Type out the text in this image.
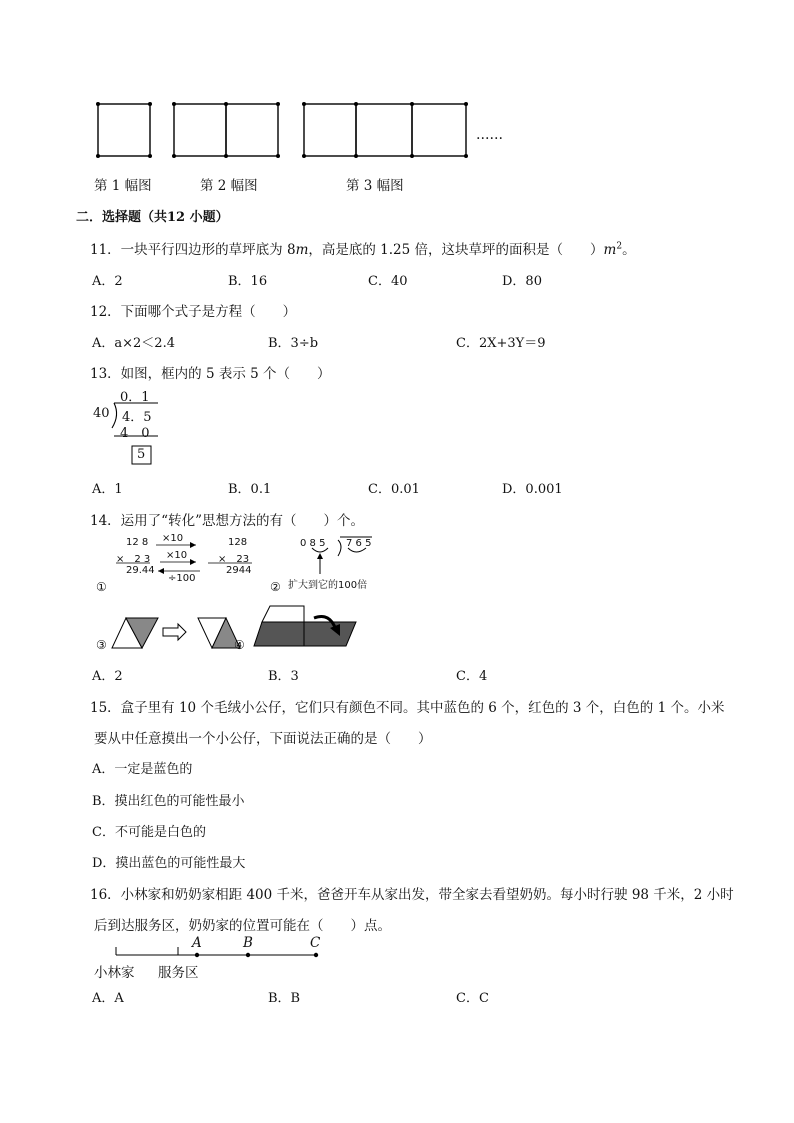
……
第 1 幅图	第 2 幅图	第 3 幅图
二．选择题（共12 小题）
11．一块平行四边形的草坪底为 8m，高是底的 1.25 倍，这块草坪的面积是（　　）$m^2$。
A．2	B．16	C．40	D．80
12．下面哪个式子是方程（　　）
A．a×2＜2.4	B．3÷b	C．2X+3Y＝9
13．如图，框内的 5 表示 5 个（　　）
0．1
40 4．5
4　0
5
A．1	B．0.1	C．0.01	D．0.001
14．运用了“转化”思想方法的有（　　）个。
12 8
×　2 3
29.44
128
×　23
2944
×10
×10
÷100
①
0 8 5 7 6 5
② 扩大到它的100倍
③	④
A．2	B．3	C．4
15．盒子里有 10 个毛绒小公仔，它们只有颜色不同。其中蓝色的 6 个，红色的 3 个，白色的 1 个。小米
要从中任意摸出一个小公仔，下面说法正确的是（　　）
A．一定是蓝色的
B．摸出红色的可能性最小
C．不可能是白色的
D．摸出蓝色的可能性最大
16．小林家和奶奶家相距 400 千米，爸爸开车从家出发，带全家去看望奶奶。每小时行驶 98 千米，2 小时
后到达服务区，奶奶家的位置可能在（　　）点。
A	B	C
小林家 服务区
A．A	B．B	C．C
